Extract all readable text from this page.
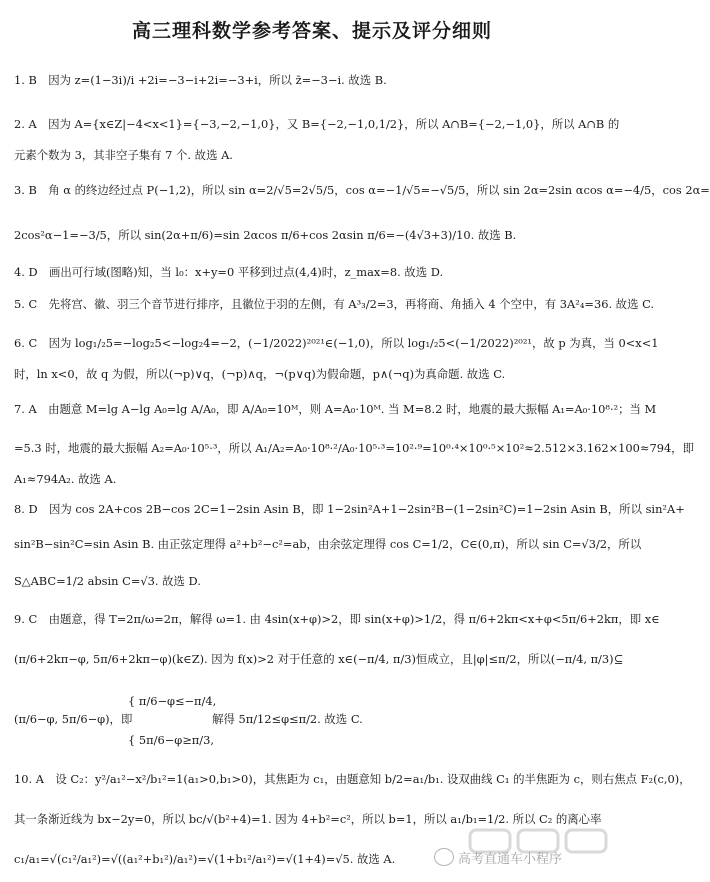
高三理科数学参考答案、提示及评分细则
1. B　因为 z=(1−3i)/i +2i=−3−i+2i=−3+i，所以 z̄=−3−i. 故选 B.
2. A　因为 A={x∈Z|−4<x<1}={−3,−2,−1,0}，又 B={−2,−1,0,1/2}，所以 A∩B={−2,−1,0}，所以 A∩B 的
元素个数为 3，其非空子集有 7 个. 故选 A.
3. B　角 α 的终边经过点 P(−1,2)，所以 sin α=2/√5=2√5/5，cos α=−1/√5=−√5/5，所以 sin 2α=2sin αcos α=−4/5，cos 2α=
2cos²α−1=−3/5，所以 sin(2α+π/6)=sin 2αcos π/6+cos 2αsin π/6=−(4√3+3)/10. 故选 B.
4. D　画出可行域(图略)知，当 l₀：x+y=0 平移到过点(4,4)时，z_max=8. 故选 D.
5. C　先将宫、徽、羽三个音节进行排序，且徽位于羽的左侧，有 A³₃/2=3，再将商、角插入 4 个空中，有 3A²₄=36. 故选 C.
6. C　因为 log₁/₂5=−log₂5<−log₂4=−2，(−1/2022)²⁰²¹∈(−1,0)，所以 log₁/₂5<(−1/2022)²⁰²¹，故 p 为真，当 0<x<1
时，ln x<0，故 q 为假，所以(¬p)∨q，(¬p)∧q，¬(p∨q)为假命题，p∧(¬q)为真命题. 故选 C.
7. A　由题意 M=lg A−lg A₀=lg A/A₀，即 A/A₀=10ᴹ，则 A=A₀·10ᴹ. 当 M=8.2 时，地震的最大振幅 A₁=A₀·10⁸·²；当 M
=5.3 时，地震的最大振幅 A₂=A₀·10⁵·³，所以 A₁/A₂=A₀·10⁸·²/A₀·10⁵·³=10²·⁹=10⁰·⁴×10⁰·⁵×10²≈2.512×3.162×100≈794，即
A₁≈794A₂. 故选 A.
8. D　因为 cos 2A+cos 2B−cos 2C=1−2sin Asin B，即 1−2sin²A+1−2sin²B−(1−2sin²C)=1−2sin Asin B，所以 sin²A+
sin²B−sin²C=sin Asin B. 由正弦定理得 a²+b²−c²=ab，由余弦定理得 cos C=1/2，C∈(0,π)，所以 sin C=√3/2，所以
S△ABC=1/2 absin C=√3. 故选 D.
9. C　由题意，得 T=2π/ω=2π，解得 ω=1. 由 4sin(x+φ)>2，即 sin(x+φ)>1/2，得 π/6+2kπ<x+φ<5π/6+2kπ，即 x∈
(π/6+2kπ−φ, 5π/6+2kπ−φ)(k∈Z). 因为 f(x)>2 对于任意的 x∈(−π/4, π/3)恒成立，且|φ|≤π/2，所以(−π/4, π/3)⊆
{ π/6−φ≤−π/4,
(π/6−φ, 5π/6−φ)，即　　　　　　　解得 5π/12≤φ≤π/2. 故选 C.
{ 5π/6−φ≥π/3,
10. A　设 C₂：y²/a₁²−x²/b₁²=1(a₁>0,b₁>0)，其焦距为 c₁，由题意知 b/2=a₁/b₁. 设双曲线 C₁ 的半焦距为 c，则右焦点 F₂(c,0)，
其一条渐近线为 bx−2y=0，所以 bc/√(b²+4)=1. 因为 4+b²=c²，所以 b=1，所以 a₁/b₁=1/2. 所以 C₂ 的离心率
c₁/a₁=√(c₁²/a₁²)=√((a₁²+b₁²)/a₁²)=√(1+b₁²/a₁²)=√(1+4)=√5. 故选 A.	高考直通车小程序
